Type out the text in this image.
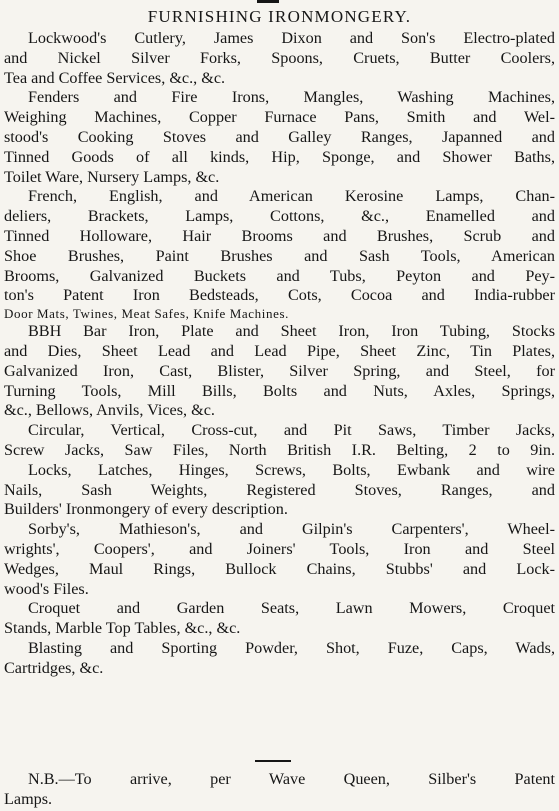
FURNISHING IRONMONGERY.

Lockwood's Cutlery, James Dixon and Son's Electro-plated
and Nickel Silver Forks, Spoons, Cruets, Butter Coolers,
Tea and Coffee Services, &c., &c.

Fenders and Fire Irons, Mangles, Washing Machines,
Weighing Machines, Copper Furnace Pans, Smith and Wel-
stood's Cooking Stoves and Galley Ranges, Japanned and
Tinned Goods of all kinds, Hip, Sponge, and Shower Baths,
Toilet Ware, Nursery Lamps, &c.

French, English, and American Kerosine Lamps, Chan-
deliers, Brackets, Lamps, Cottons, &c., Enamelled and
Tinned Holloware, Hair Brooms and Brushes, Scrub and
Shoe Brushes, Paint Brushes and Sash Tools, American
Brooms, Galvanized Buckets and Tubs, Peyton and Pey-
ton's Patent Iron Bedsteads, Cots, Cocoa and India-rubber
Door Mats, Twines, Meat Safes, Knife Machines.

BBH Bar Iron, Plate and Sheet Iron, Iron Tubing, Stocks
and Dies, Sheet Lead and Lead Pipe, Sheet Zinc, Tin Plates,
Galvanized Iron, Cast, Blister, Silver Spring, and Steel, for
Turning Tools, Mill Bills, Bolts and Nuts, Axles, Springs,
&c., Bellows, Anvils, Vices, &c.

Circular, Vertical, Cross-cut, and Pit Saws, Timber Jacks,
Screw Jacks, Saw Files, North British I.R. Belting, 2 to 9in.

Locks, Latches, Hinges, Screws, Bolts, Ewbank and wire
Nails, Sash Weights, Registered Stoves, Ranges, and
Builders' Ironmongery of every description.

Sorby's, Mathieson's, and Gilpin's Carpenters', Wheel-
wrights', Coopers', and Joiners' Tools, Iron and Steel
Wedges, Maul Rings, Bullock Chains, Stubbs' and Lock-
wood's Files.

Croquet and Garden Seats, Lawn Mowers, Croquet
Stands, Marble Top Tables, &c., &c.

Blasting and Sporting Powder, Shot, Fuze, Caps, Wads,
Cartridges, &c.

N.B.—To arrive, per Wave Queen, Silber's Patent
Lamps.
